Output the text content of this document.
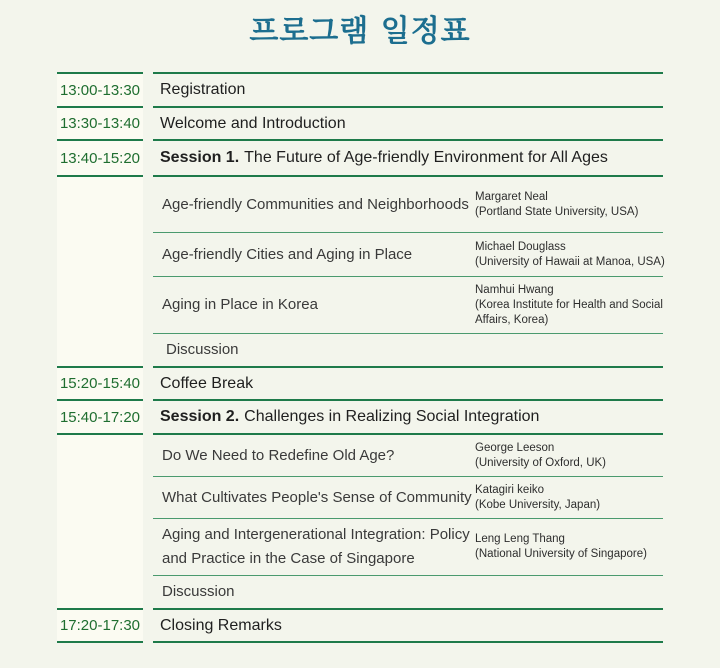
프로그램 일정표
13:00-13:30 Registration
13:30-13:40 Welcome and Introduction
13:40-15:20 Session 1. The Future of Age-friendly Environment for All Ages
Age-friendly Communities and Neighborhoods Margaret Neal
(Portland State University, USA)
Age-friendly Cities and Aging in Place	Michael Douglass
(University of Hawaii at Manoa, USA)
Aging in Place in Korea
Namhui Hwang
(Korea Institute for Health and Social Affairs, Korea)
Discussion
15:20-15:40 Coffee Break
15:40-17:20 Session 2. Challenges in Realizing Social Integration
Do We Need to Redefine Old Age?	George Leeson
(University of Oxford, UK)
What Cultivates People's Sense of Community Katagiri keiko
(Kobe University, Japan)
Aging and Intergenerational Integration: Policy and Practice in the Case of Singapore
Leng Leng Thang
(National University of Singapore)
Discussion
17:20-17:30 Closing Remarks
